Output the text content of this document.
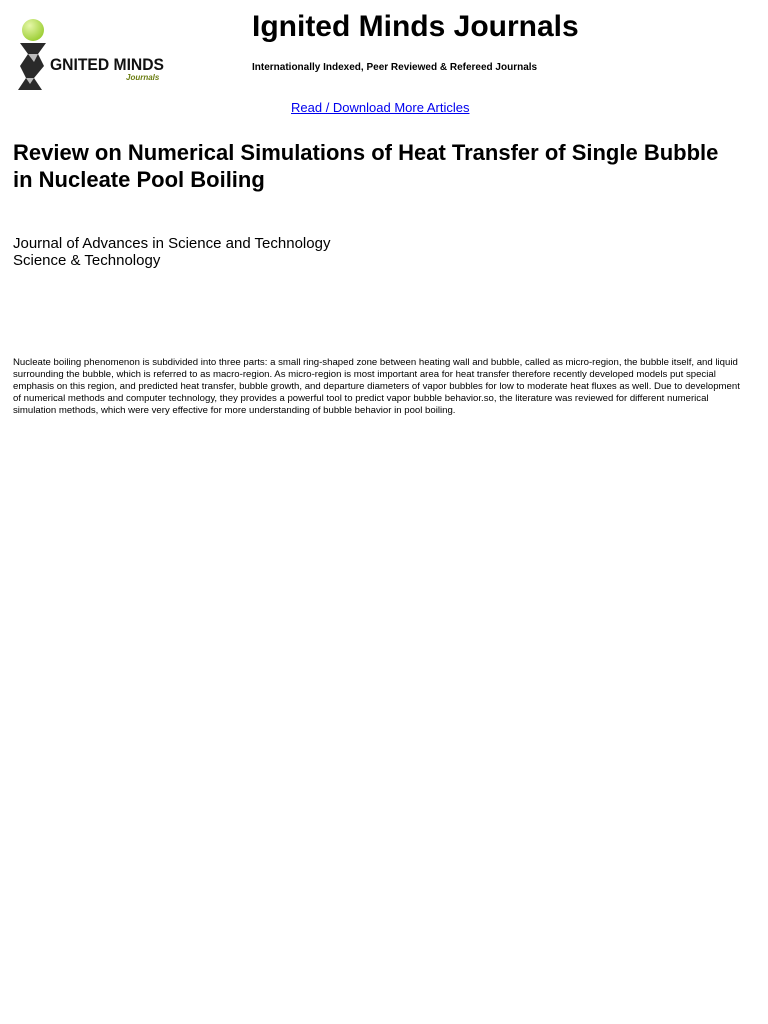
GNITED MINDS
Journals
Ignited Minds Journals
Internationally Indexed, Peer Reviewed & Refereed Journals
Read / Download More Articles
Review on Numerical Simulations of Heat Transfer of Single Bubble in Nucleate Pool Boiling
Journal of Advances in Science and Technology
Science & Technology

Nucleate boiling phenomenon is subdivided into three parts: a small ring-shaped zone between heating wall and bubble, called as micro-region, the bubble itself, and liquid surrounding the bubble, which is referred to as macro-region. As micro-region is most important area for heat transfer therefore recently developed models put special emphasis on this region, and predicted heat transfer, bubble growth, and departure diameters of vapor bubbles for low to moderate heat fluxes as well. Due to development of numerical methods and computer technology, they provides a powerful tool to predict vapor bubble behavior.so, the literature was reviewed for different numerical simulation methods, which were very effective for more understanding of bubble behavior in pool boiling.
